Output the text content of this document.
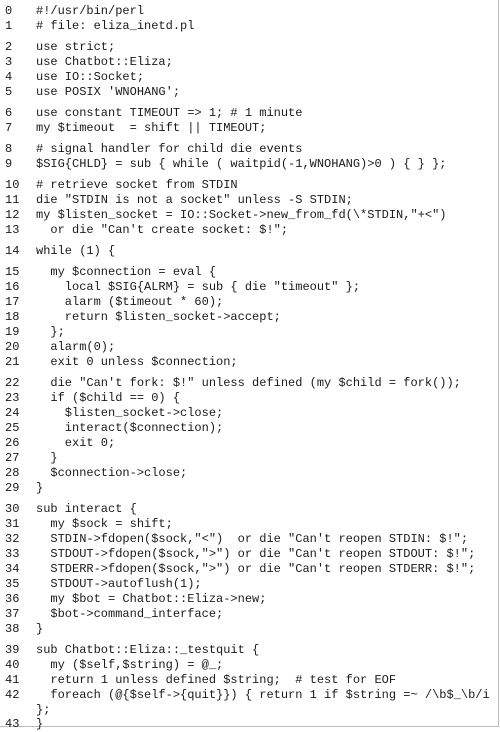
0	#!/usr/bin/perl
1	# file: eliza_inetd.pl
2	use strict;
3	use Chatbot::Eliza;
4	use IO::Socket;
5	use POSIX 'WNOHANG';
6	use constant TIMEOUT => 1; # 1 minute
7	my $timeout  = shift || TIMEOUT;
8	# signal handler for child die events
9	$SIG{CHLD} = sub { while ( waitpid(-1,WNOHANG)>0 ) { } };
10	# retrieve socket from STDIN
11	die "STDIN is not a socket" unless -S STDIN;
12	my $listen_socket = IO::Socket->new_from_fd(\*STDIN,"+<")
13	or die "Can't create socket: $!";
14	while (1) {
15	my $connection = eval {
16	local $SIG{ALRM} = sub { die "timeout" };
17	alarm ($timeout * 60);
18	return $listen_socket->accept;
19	};
20	alarm(0);
21	exit 0 unless $connection;
22	die "Can't fork: $!" unless defined (my $child = fork());
23	if ($child == 0) {
24	$listen_socket->close;
25	interact($connection);
26	exit 0;
27	}
28	$connection->close;
29	}
30	sub interact {
31	my $sock = shift;
32	STDIN->fdopen($sock,"<")  or die "Can't reopen STDIN: $!";
33	STDOUT->fdopen($sock,">") or die "Can't reopen STDOUT: $!";
34	STDERR->fdopen($sock,">") or die "Can't reopen STDERR: $!";
35	STDOUT->autoflush(1);
36	my $bot = Chatbot::Eliza->new;
37	$bot->command_interface;
38	}
39	sub Chatbot::Eliza::_testquit {
40	my ($self,$string) = @_;
41	return 1 unless defined $string;  # test for EOF
42	foreach (@{$self->{quit}}) { return 1 if $string =~ /\b$_\b/i
};
43	}
